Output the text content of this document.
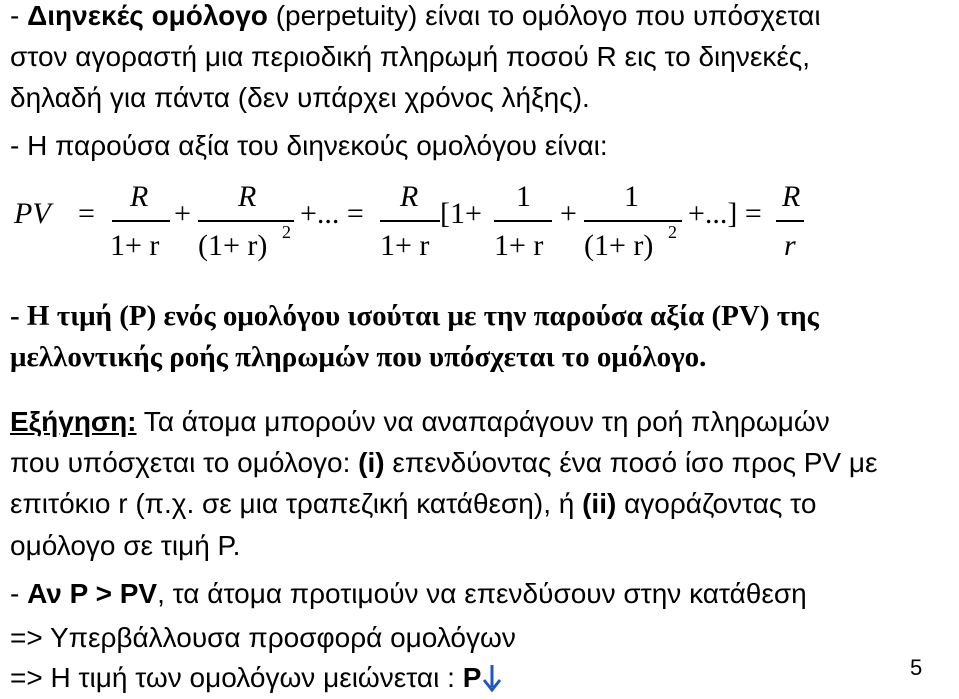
- Διηνεκές ομόλογο (perpetuity) είναι το ομόλογο που υπόσχεται
στον αγοραστή μια περιοδική πληρωμή ποσού R εις το διηνεκές,
δηλαδή για πάντα (δεν υπάρχει χρόνος λήξης).
- Η παρούσα αξία του διηνεκούς ομολόγου είναι:
PV =
R
1+ r
+
R
(1+ r) 2
+... =
R
1+ r
[1+
1
1+ r
+
1
(1+ r) 2
+...] =
R
r
- Η τιμή (P) ενός ομολόγου ισούται με την παρούσα αξία (PV) της
μελλοντικής ροής πληρωμών που υπόσχεται το ομόλογο.
Εξήγηση: Τα άτομα μπορούν να αναπαράγουν τη ροή πληρωμών
που υπόσχεται το ομόλογο: (i) επενδύοντας ένα ποσό ίσο προς PV με
επιτόκιο r (π.χ. σε μια τραπεζική κατάθεση), ή (ii) αγοράζοντας το
ομόλογο σε τιμή P.
- Αν P > PV, τα άτομα προτιμούν να επενδύσουν στην κατάθεση
=> Υπερβάλλουσα προσφορά ομολόγων
=> Η τιμή των ομολόγων μειώνεται : P	5
